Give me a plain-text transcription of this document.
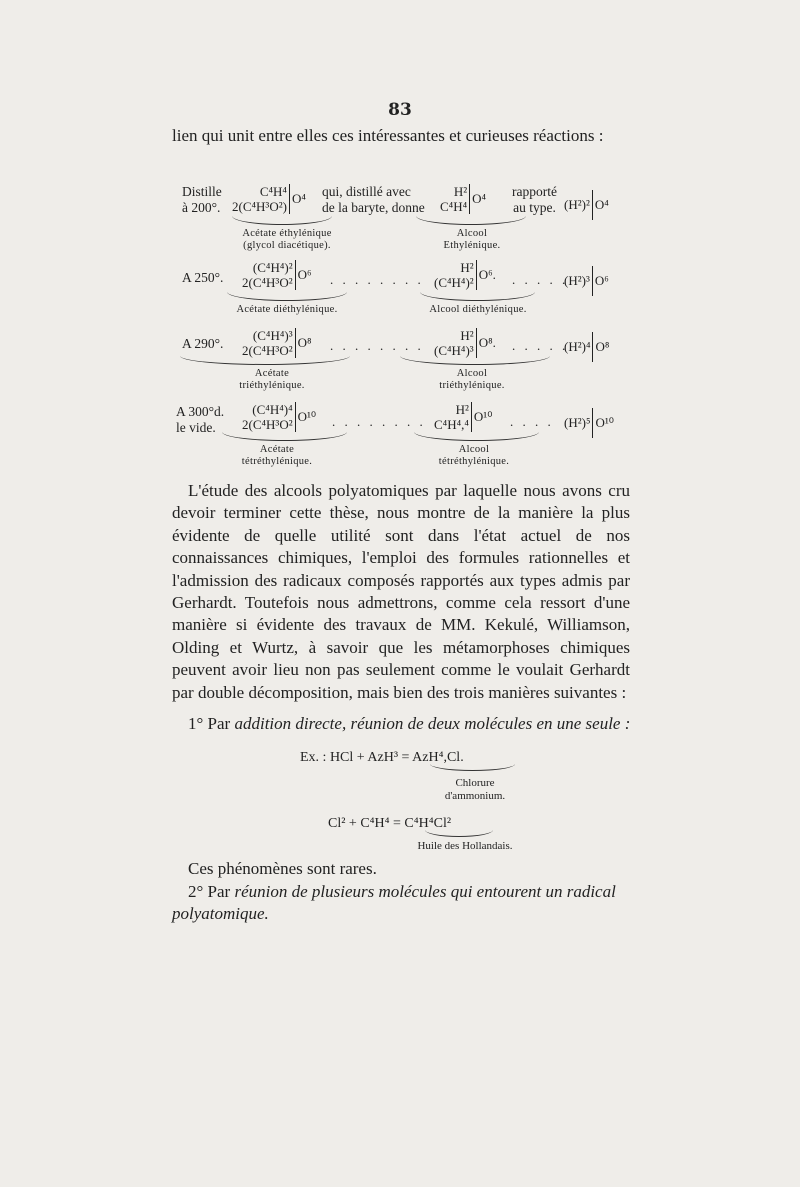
83
lien qui unit entre elles ces intéressantes et curieuses réactions :
Distille
à 200°.
C⁴H⁴
2(C⁴H³O²)
O⁴ qui, distillé avec
de la baryte, donne
H²
C⁴H⁴
O⁴ rapporté
au type. (H²)² O⁴
Acétate éthylénique
(glycol diacétique).
Alcool
Ethylénique.
A 250°.
(C⁴H⁴)²
2(C⁴H³O²
O⁶ . . . . . . . .
H²
(C⁴H⁴)²
O⁶. . . . . .
(H²)³ O⁶
Acétate diéthylénique.	Alcool diéthylénique.
A 290°.
(C⁴H⁴)³
2(C⁴H³O²
O⁸ . . . . . . . .
H²
(C⁴H⁴)³
O⁸. . . . . .
(H²)⁴ O⁸
Acétate
triéthylénique.
Alcool
triéthylénique.
A 300°d.
le vide.
(C⁴H⁴)⁴
2(C⁴H³O²
O¹⁰ . . . . . . . .
H²
C⁴H⁴,⁴
O¹⁰ . . . . (H²)⁵ O¹⁰
Acétate
tétréthylénique.
Alcool
tétréthylénique.
L'étude des alcools polyatomiques par laquelle nous avons cru devoir terminer cette thèse, nous montre de la manière la plus évidente de quelle utilité sont dans l'état actuel de nos connaissances chimiques, l'emploi des formules rationnelles et l'admission des radicaux composés rapportés aux types admis par Gerhardt. Toutefois nous admettrons, comme cela ressort d'une manière si évidente des travaux de MM. Kekulé, Williamson, Olding et Wurtz, à savoir que les métamorphoses chimiques peuvent avoir lieu non pas seulement comme le voulait Gerhardt par double décomposition, mais bien des trois manières suivantes :
1° Par addition directe, réunion de deux molécules en une seule :
Ex. : HCl + AzH³ = AzH⁴,Cl.
Chlorure
d'ammonium.
Cl² + C⁴H⁴ = C⁴H⁴Cl²
Huile des Hollandais.
Ces phénomènes sont rares.
2° Par réunion de plusieurs molécules qui entourent un radical polyatomique.
